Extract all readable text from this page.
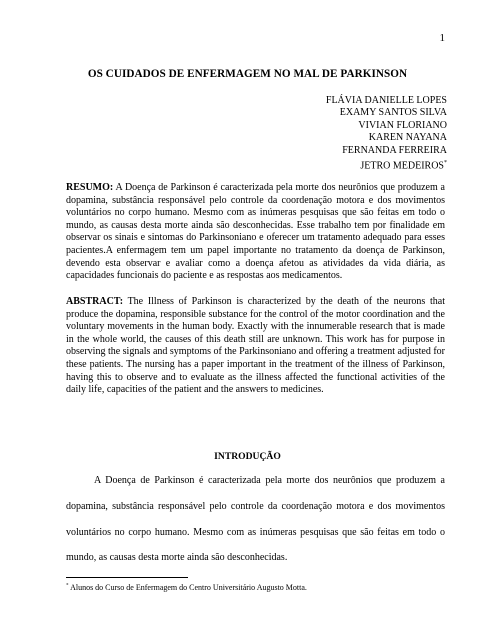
1
OS CUIDADOS DE ENFERMAGEM NO MAL DE PARKINSON
FLÁVIA DANIELLE LOPES
EXAMY SANTOS SILVA
VIVIAN FLORIANO
KAREN NAYANA
FERNANDA FERREIRA
JETRO MEDEIROS*
RESUMO: A Doença de Parkinson é caracterizada pela morte dos neurônios que produzem a dopamina, substância responsável pelo controle da coordenação motora e dos movimentos voluntários no corpo humano. Mesmo com as inúmeras pesquisas que são feitas em todo o mundo, as causas desta morte ainda são desconhecidas. Esse trabalho tem por finalidade em observar os sinais e sintomas do Parkinsoniano e oferecer um tratamento adequado para esses pacientes.A enfermagem tem um papel importante no tratamento da doença de Parkinson, devendo esta observar e avaliar como a doença afetou as atividades da vida diária, as capacidades funcionais do paciente e as respostas aos medicamentos.
ABSTRACT: The Illness of Parkinson is characterized by the death of the neurons that produce the dopamina, responsible substance for the control of the motor coordination and the voluntary movements in the human body. Exactly with the innumerable research that is made in the whole world, the causes of this death still are unknown. This work has for purpose in observing the signals and symptoms of the Parkinsoniano and offering a treatment adjusted for these patients. The nursing has a paper important in the treatment of the illness of Parkinson, having this to observe and to evaluate as the illness affected the functional activities of the daily life, capacities of the patient and the answers to medicines.
INTRODUÇÃO
A Doença de Parkinson é caracterizada pela morte dos neurônios que produzem a dopamina, substância responsável pelo controle da coordenação motora e dos movimentos voluntários no corpo humano. Mesmo com as inúmeras pesquisas que são feitas em todo o mundo, as causas desta morte ainda são desconhecidas.
* Alunos do Curso de Enfermagem do Centro Universitário Augusto Motta.
